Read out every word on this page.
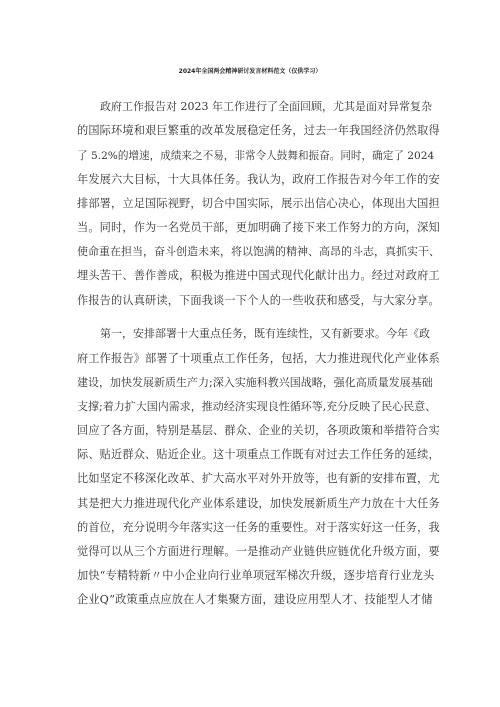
2024年全国两会精神研讨发言材料范文（仅供学习）
政府工作报告对 2023 年工作进行了全面回顾，尤其是面对异常复杂
的国际环境和艰巨繁重的改革发展稳定任务，过去一年我国经济仍然取得
了 5.2%的增速，成绩来之不易，非常令人鼓舞和振奋。同时，确定了 2024
年发展六大目标，十大具体任务。我认为，政府工作报告对今年工作的安
排部署，立足国际视野，切合中国实际，展示出信心决心，体现出大国担
当。同时，作为一名党员干部，更加明确了接下来工作努力的方向，深知
使命重在担当，奋斗创造未来，将以饱满的精神、高昂的斗志，真抓实干、
埋头苦干、善作善成，积极为推进中国式现代化献计出力。经过对政府工
作报告的认真研读，下面我谈一下个人的一些收获和感受，与大家分享。
第一，安排部署十大重点任务，既有连续性，又有新要求。今年《政
府工作报告》部署了十项重点工作任务，包括，大力推进现代化产业体系
建设，加快发展新质生产力;深入实施科教兴国战略，强化高质量发展基础
支撑;着力扩大国内需求，推动经济实现良性循环等,充分反映了民心民意、
回应了各方面，特别是基层、群众、企业的关切，各项政策和举措符合实
际、贴近群众、贴近企业。这十项重点工作既有对过去工作任务的延续，
比如坚定不移深化改革、扩大高水平对外开放等，也有新的安排布置，尤
其是把大力推进现代化产业体系建设，加快发展新质生产力放在十大任务
的首位，充分说明今年落实这一任务的重要性。对于落实好这一任务，我
觉得可以从三个方面进行理解。一是推动产业链供应链优化升级方面，要
加快“专精特新〃中小企业向行业单项冠军梯次升级，逐步培育行业龙头
企业Q”政策重点应放在人才集聚方面，建设应用型人才、技能型人才储
